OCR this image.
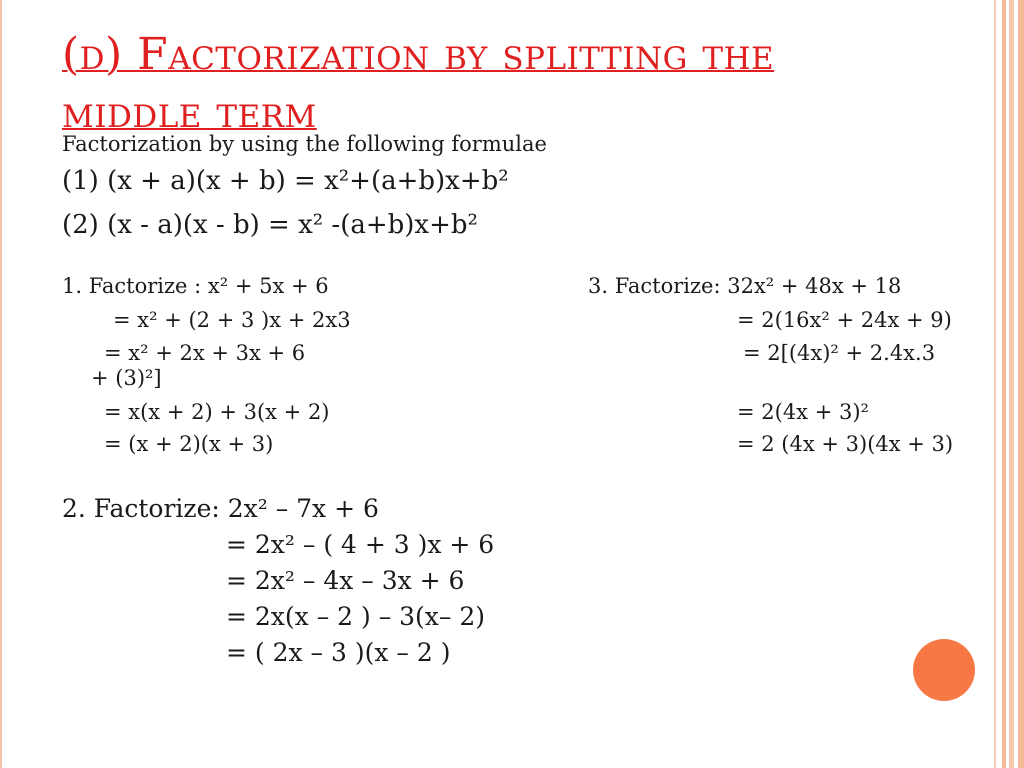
(d) Factorization by splitting the middle term
Factorization by using the following formulae
(1) (x + a)(x + b) = x²+(a+b)x+b²
(2) (x - a)(x - b) = x² -(a+b)x+b²
1. Factorize : x² + 5x + 6
= x² + (2 + 3 )x + 2x3
= x² + 2x + 3x + 6
= x(x + 2) + 3(x + 2)
= (x + 2)(x + 3)
3. Factorize: 32x² + 48x + 18
= 2(16x² + 24x + 9)
= 2[(4x)² + 2.4x.3
+ (3)²]
= 2(4x + 3)²
= 2 (4x + 3)(4x + 3)
2. Factorize: 2x² – 7x + 6
= 2x² – ( 4 + 3 )x + 6
= 2x² – 4x – 3x + 6
= 2x(x – 2 ) – 3(x– 2)
= ( 2x – 3 )(x – 2 )
